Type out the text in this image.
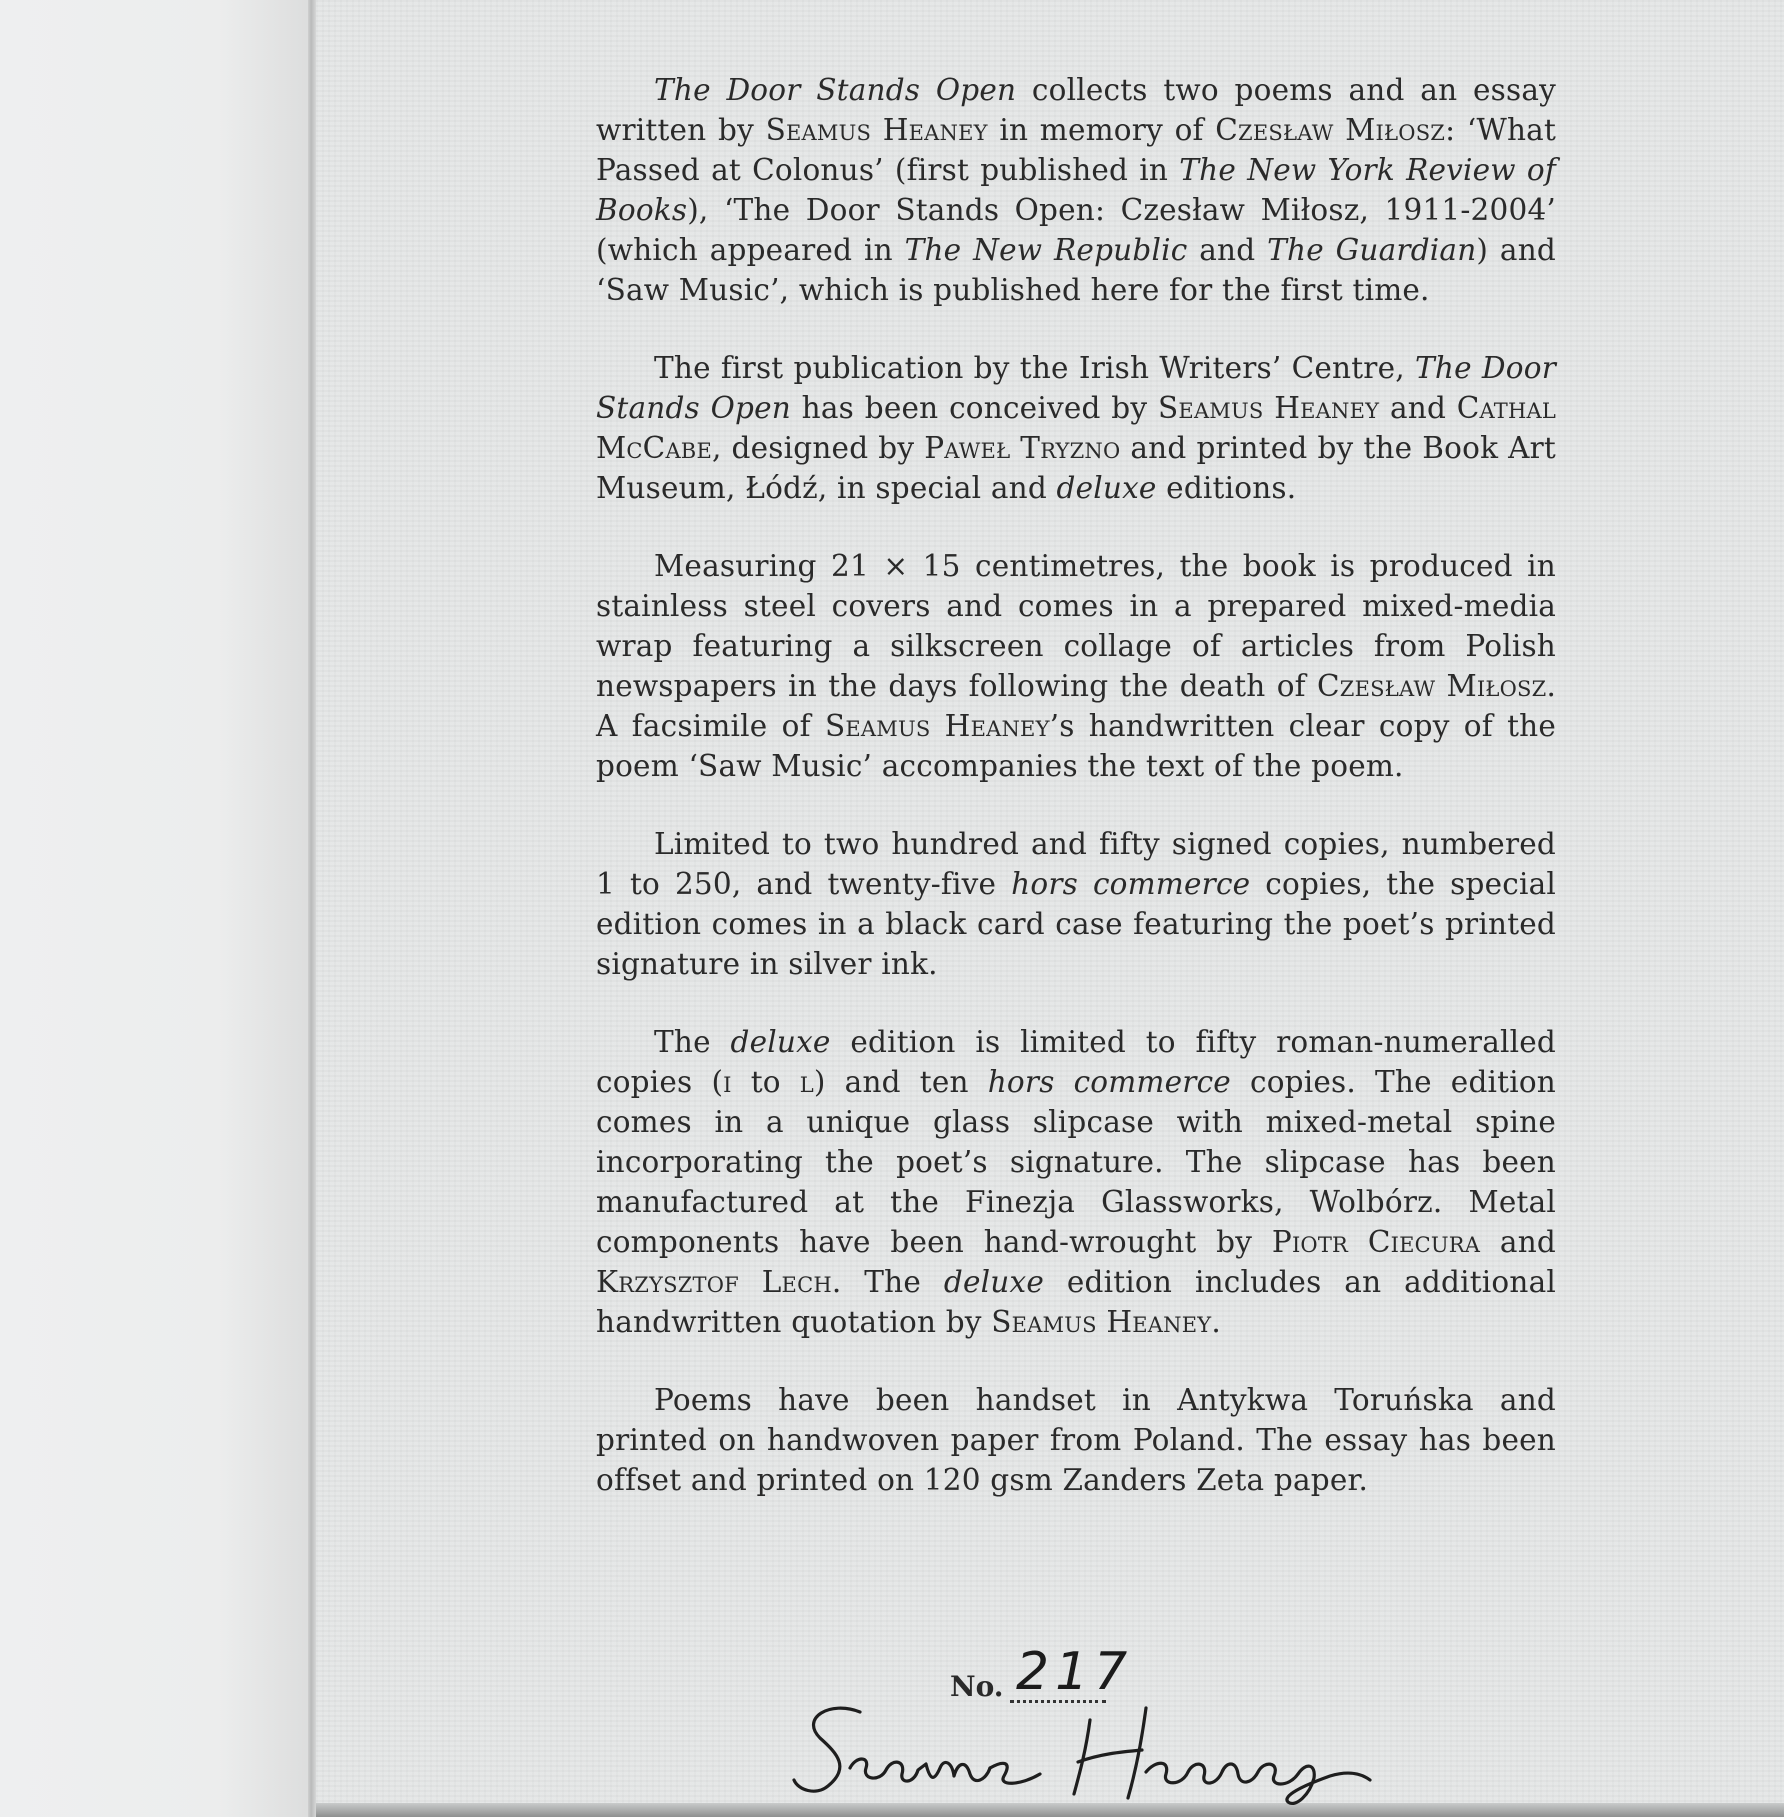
The Door Stands Open collects two poems and an essay written by Seamus Heaney in memory of Czesław Miłosz: ‘What Passed at Colonus’ (first published in The New York Review of Books), ‘The Door Stands Open: Czesław Miłosz, 1911-2004’ (which appeared in The New Republic and The Guardian) and ‘Saw Music’, which is published here for the first time.

The first publication by the Irish Writers’ Centre, The Door Stands Open has been conceived by Seamus Heaney and Cathal McCabe, designed by Paweł Tryzno and printed by the Book Art Museum, Łódź, in special and deluxe editions.

Measuring 21 × 15 centimetres, the book is produced in stainless steel covers and comes in a prepared mixed-media wrap featuring a silkscreen collage of articles from Polish newspapers in the days following the death of Czesław Miłosz. A facsimile of Seamus Heaney’s handwritten clear copy of the poem ‘Saw Music’ accompanies the text of the poem.

Limited to two hundred and fifty signed copies, numbered 1 to 250, and twenty-five hors commerce copies, the special edition comes in a black card case featuring the poet’s printed signature in silver ink.

The deluxe edition is limited to fifty roman-numeralled copies (i to l) and ten hors commerce copies. The edition comes in a unique glass slipcase with mixed-metal spine incorporating the poet’s signature. The slipcase has been manufactured at the Finezja Glassworks, Wolbórz. Metal components have been hand-wrought by Piotr Ciecura and Krzysztof Lech. The deluxe edition includes an additional handwritten quotation by Seamus Heaney.

Poems have been handset in Antykwa Toruńska and printed on handwoven paper from Poland. The essay has been offset and printed on 120 gsm Zanders Zeta paper.

No. 217
